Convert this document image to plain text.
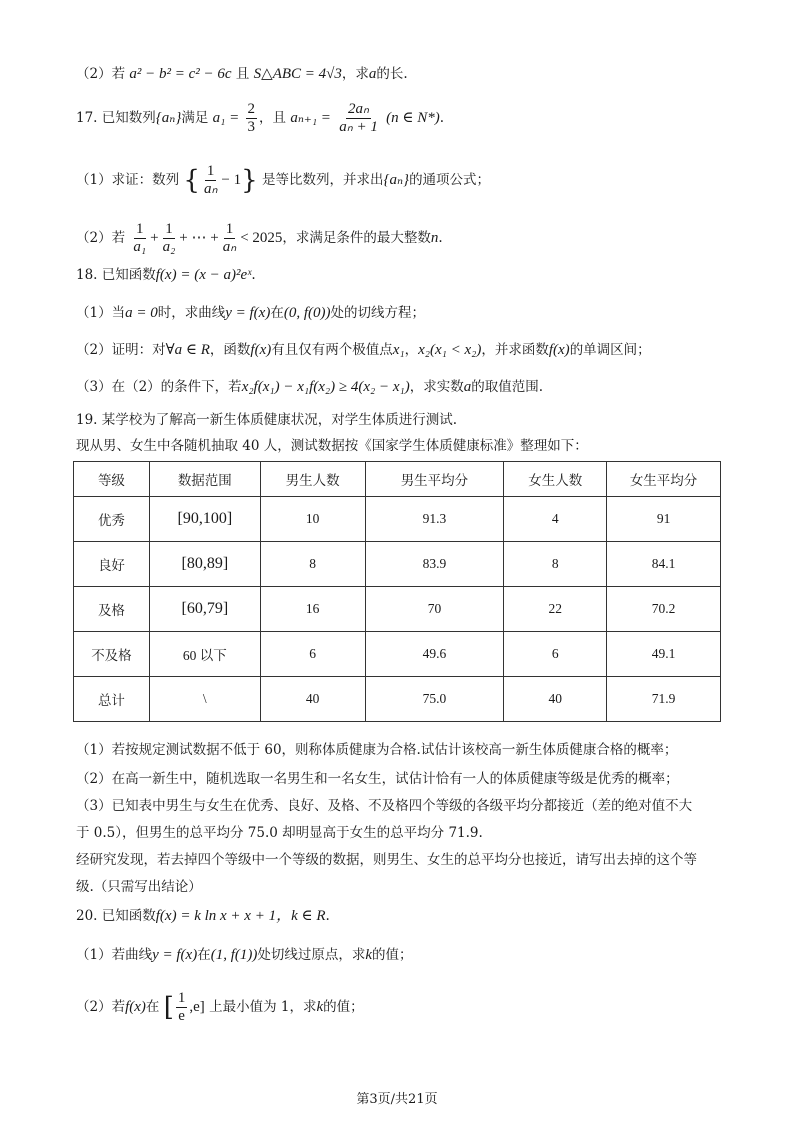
（2）若 a² − b² = c² − 6c 且 S△ABC = 4√3，求a的长.
17. 已知数列{aₙ}满足 $a_1 = \frac{2}{3}$ ，且 $a_{n+1} = \frac{\text{2aₙ}}{\text{aₙ + 1}} (n$ ∈ N*).
（1）求证：数列 { $\frac{1}{\text{aₙ}} - 1$} 是等比数列，并求出{aₙ}的通项公式；
（2）若 $\frac{1}{\text{a₁}} + \frac{1}{\text{a₂}}$ + ⋯ + $\frac{1}{\text{aₙ}} < 2025$，求满足条件的最大整数n.
18. 已知函数f(x) = (x − a)²eˣ.
（1）当a = 0时，求曲线y = f(x)在(0, f(0))处的切线方程；
（2）证明：对∀a ∈ R，函数f(x)有且仅有两个极值点x₁，x₂(x₁ < x₂)，并求函数f(x)的单调区间；
（3）在（2）的条件下，若x₂f(x₁) − x₁f(x₂) ≥ 4(x₂ − x₁)，求实数a的取值范围.
19. 某学校为了解高一新生体质健康状况，对学生体质进行测试.
现从男、女生中各随机抽取 40 人，测试数据按《国家学生体质健康标准》整理如下：
等级	数据范围	男生人数	男生平均分	女生人数	女生平均分
优秀	[90,100]	10	91.3	4	91
良好	[80,89]	8	83.9	8	84.1
及格	[60,79]	16	70	22	70.2
不及格	60 以下	6	49.6	6	49.1
总计	\	40	75.0	40	71.9
（1）若按规定测试数据不低于 60，则称体质健康为合格.试估计该校高一新生体质健康合格的概率；
（2）在高一新生中，随机选取一名男生和一名女生，试估计恰有一人的体质健康等级是优秀的概率；
（3）已知表中男生与女生在优秀、良好、及格、不及格四个等级的各级平均分都接近（差的绝对值不大
于 0.5），但男生的总平均分 75.0 却明显高于女生的总平均分 71.9.
经研究发现，若去掉四个等级中一个等级的数据，则男生、女生的总平均分也接近，请写出去掉的这个等
级.（只需写出结论）
20. 已知函数f(x) = k ln x + x + 1，k ∈ R.
（1）若曲线y = f(x)在(1, f(1))处切线过原点，求k的值；
（2）若f(x)在 [ $\frac{1}{e} ,e$] 上最小值为 1，求k的值；
第3页/共21页
